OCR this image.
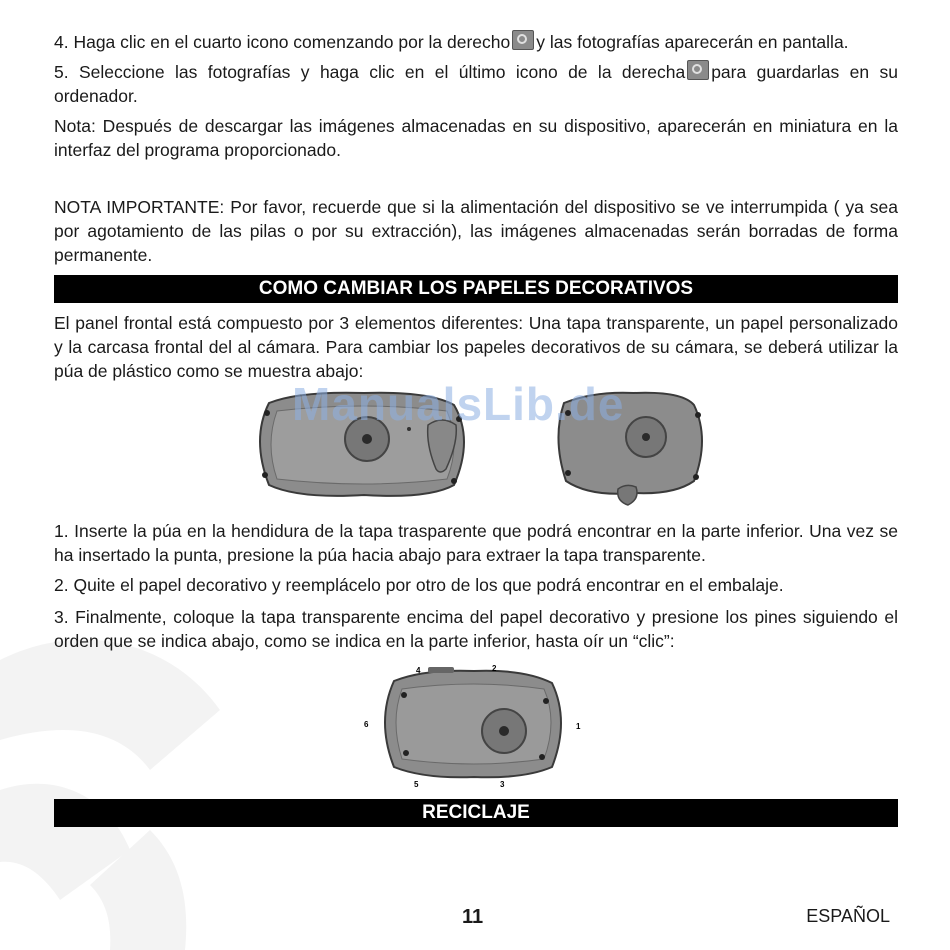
4. Haga clic en el cuarto icono comenzando por la derecho y las fotografías aparecerán en pantalla.

5. Seleccione las fotografías y haga clic en el último icono de la derecha para guardarlas en su ordenador.

Nota: Después de descargar las imágenes almacenadas en su dispositivo, aparecerán en miniatura en la interfaz del programa proporcionado.

NOTA IMPORTANTE: Por favor, recuerde que si la alimentación del dispositivo se ve interrumpida ( ya sea por agotamiento de las pilas o por su extracción), las imágenes almacenadas serán borradas de forma permanente.

COMO CAMBIAR LOS PAPELES DECORATIVOS

El panel frontal está compuesto por 3 elementos diferentes: Una tapa transparente, un papel personalizado y la carcasa frontal del al cámara. Para cambiar los papeles decorativos de su cámara, se deberá utilizar la púa de plástico como se muestra abajo:

ManualsLib.de

1. Inserte la púa en la hendidura de la tapa trasparente que podrá encontrar en la parte inferior. Una vez se ha insertado la punta, presione la púa hacia abajo para extraer la tapa transparente.

2. Quite el papel decorativo y reemplácelo por otro de los que podrá encontrar en el embalaje.

3. Finalmente, coloque la tapa transparente encima del papel decorativo y presione los pines siguiendo el orden que se indica abajo, como se indica en la parte inferior, hasta oír un “clic”:

4	2
6	1
5	3
RECICLAJE
11	ESPAÑOL
